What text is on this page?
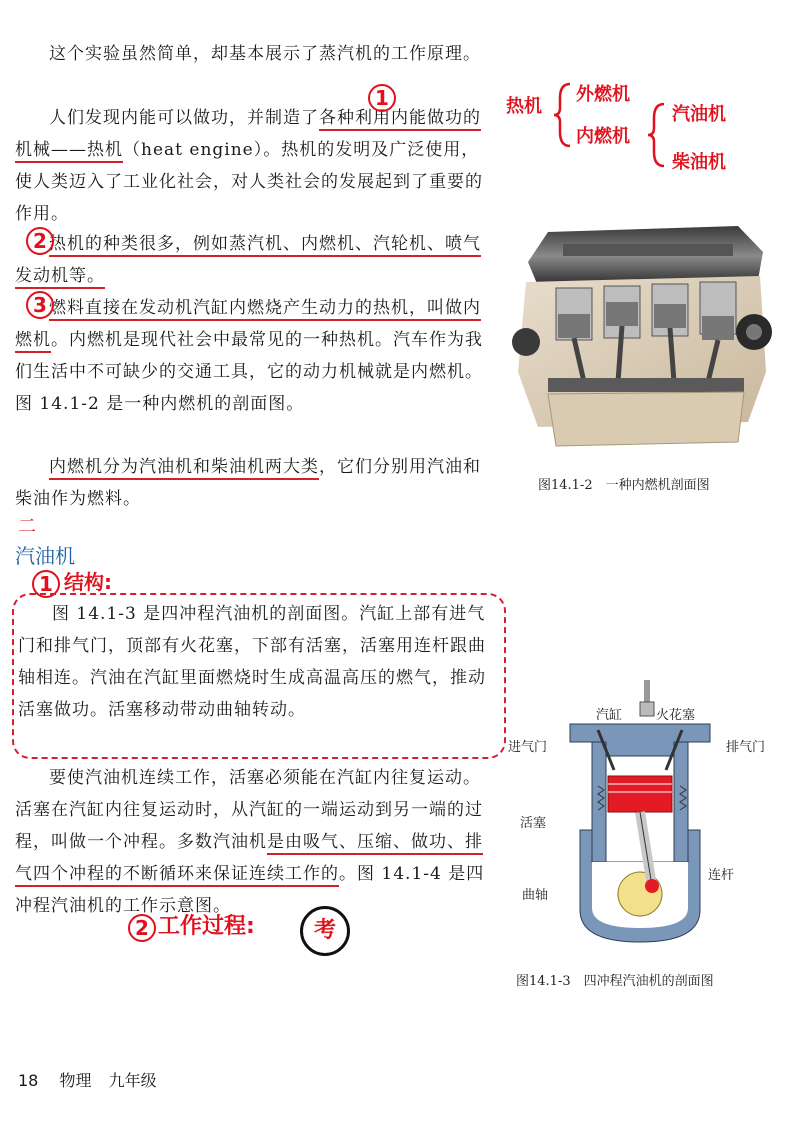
这个实验虽然简单，却基本展示了蒸汽机的工作原理。
人们发现内能可以做功，并制造了各种利用内能做功的机械——热机（heat engine）。热机的发明及广泛使用，使人类迈入了工业化社会，对人类社会的发展起到了重要的作用。
热机的种类很多，例如蒸汽机、内燃机、汽轮机、喷气发动机等。
燃料直接在发动机汽缸内燃烧产生动力的热机，叫做内燃机。内燃机是现代社会中最常见的一种热机。汽车作为我们生活中不可缺少的交通工具，它的动力机械就是内燃机。图 14.1-2 是一种内燃机的剖面图。
内燃机分为汽油机和柴油机两大类，它们分别用汽油和柴油作为燃料。
1
2
3
热机
外燃机
内燃机
汽油机
柴油机
图14.1-2　一种内燃机剖面图
二
汽油机
1 结构:
图 14.1-3 是四冲程汽油机的剖面图。汽缸上部有进气门和排气门，顶部有火花塞，下部有活塞，活塞用连杆跟曲轴相连。汽油在汽缸里面燃烧时生成高温高压的燃气，推动活塞做功。活塞移动带动曲轴转动。
要使汽油机连续工作，活塞必须能在汽缸内往复运动。活塞在汽缸内往复运动时，从汽缸的一端运动到另一端的过程，叫做一个冲程。多数汽油机是由吸气、压缩、做功、排气四个冲程的不断循环来保证连续工作的。图 14.1-4 是四冲程汽油机的工作示意图。
2 工作过程:	考
汽缸	火花塞
进气门	排气门
活塞
连杆
曲轴
图14.1-3　四冲程汽油机的剖面图
18 物理 九年级
